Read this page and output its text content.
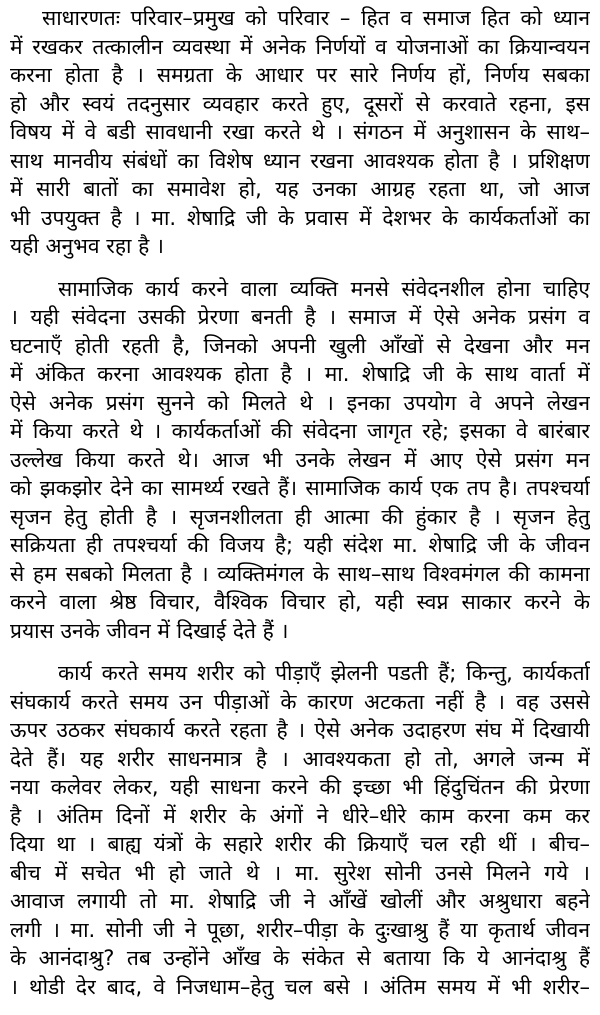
साधारणतः परिवार–प्रमुख को परिवार – हित व समाज हित को ध्यान
में रखकर तत्कालीन व्यवस्था में अनेक निर्णयों व योजनाओं का क्रियान्वयन
करना होता है । समग्रता के आधार पर सारे निर्णय हों, निर्णय सबका
हो और स्वयं तदनुसार व्यवहार करते हुए, दूसरों से करवाते रहना, इस
विषय में वे बडी सावधानी रखा करते थे । संगठन में अनुशासन के साथ–
साथ मानवीय संबंधों का विशेष ध्यान रखना आवश्यक होता है । प्रशिक्षण
में सारी बातों का समावेश हो, यह उनका आग्रह रहता था, जो आज
भी उपयुक्त है । मा. शेषाद्रि जी के प्रवास में देशभर के कार्यकर्ताओं का
यही अनुभव रहा है ।
सामाजिक कार्य करने वाला व्यक्ति मनसे संवेदनशील होना चाहिए
। यही संवेदना उसकी प्रेरणा बनती है । समाज में ऐसे अनेक प्रसंग व
घटनाएँ होती रहती है, जिनको अपनी खुली आँखों से देखना और मन
में अंकित करना आवश्यक होता है । मा. शेषाद्रि जी के साथ वार्ता में
ऐसे अनेक प्रसंग सुनने को मिलते थे । इनका उपयोग वे अपने लेखन
में किया करते थे । कार्यकर्ताओं की संवेदना जागृत रहे; इसका वे बारंबार
उल्लेख किया करते थे। आज भी उनके लेखन में आए ऐसे प्रसंग मन
को झकझोर देने का सामर्थ्य रखते हैं। सामाजिक कार्य एक तप है। तपश्चर्या
सृजन हेतु होती है । सृजनशीलता ही आत्मा की हुंकार है । सृजन हेतु
सक्रियता ही तपश्चर्या की विजय है; यही संदेश मा. शेषाद्रि जी के जीवन
से हम सबको मिलता है । व्यक्तिमंगल के साथ–साथ विश्वमंगल की कामना
करने वाला श्रेष्ठ विचार, वैश्विक विचार हो, यही स्वप्न साकार करने के
प्रयास उनके जीवन में दिखाई देते हैं ।
कार्य करते समय शरीर को पीड़ाएँ झेलनी पडती हैं; किन्तु, कार्यकर्ता
संघकार्य करते समय उन पीड़ाओं के कारण अटकता नहीं है । वह उससे
ऊपर उठकर संघकार्य करते रहता है । ऐसे अनेक उदाहरण संघ में दिखायी
देते हैं। यह शरीर साधनमात्र है । आवश्यकता हो तो, अगले जन्म में
नया कलेवर लेकर, यही साधना करने की इच्छा भी हिंदुचिंतन की प्रेरणा
है । अंतिम दिनों में शरीर के अंगों ने धीरे–धीरे काम करना कम कर
दिया था । बाह्य यंत्रों के सहारे शरीर की क्रियाएँ चल रही थीं । बीच–
बीच में सचेत भी हो जाते थे । मा. सुरेश सोनी उनसे मिलने गये ।
आवाज लगायी तो मा. शेषाद्रि जी ने आँखें खोलीं और अश्रुधारा बहने
लगी । मा. सोनी जी ने पूछा, शरीर–पीड़ा के दुःखाश्रु हैं या कृतार्थ जीवन
के आनंदाश्रु? तब उन्होंने आँख के संकेत से बताया कि ये आनंदाश्रु हैं
। थोडी देर बाद, वे निजधाम–हेतु चल बसे । अंतिम समय में भी शरीर–
